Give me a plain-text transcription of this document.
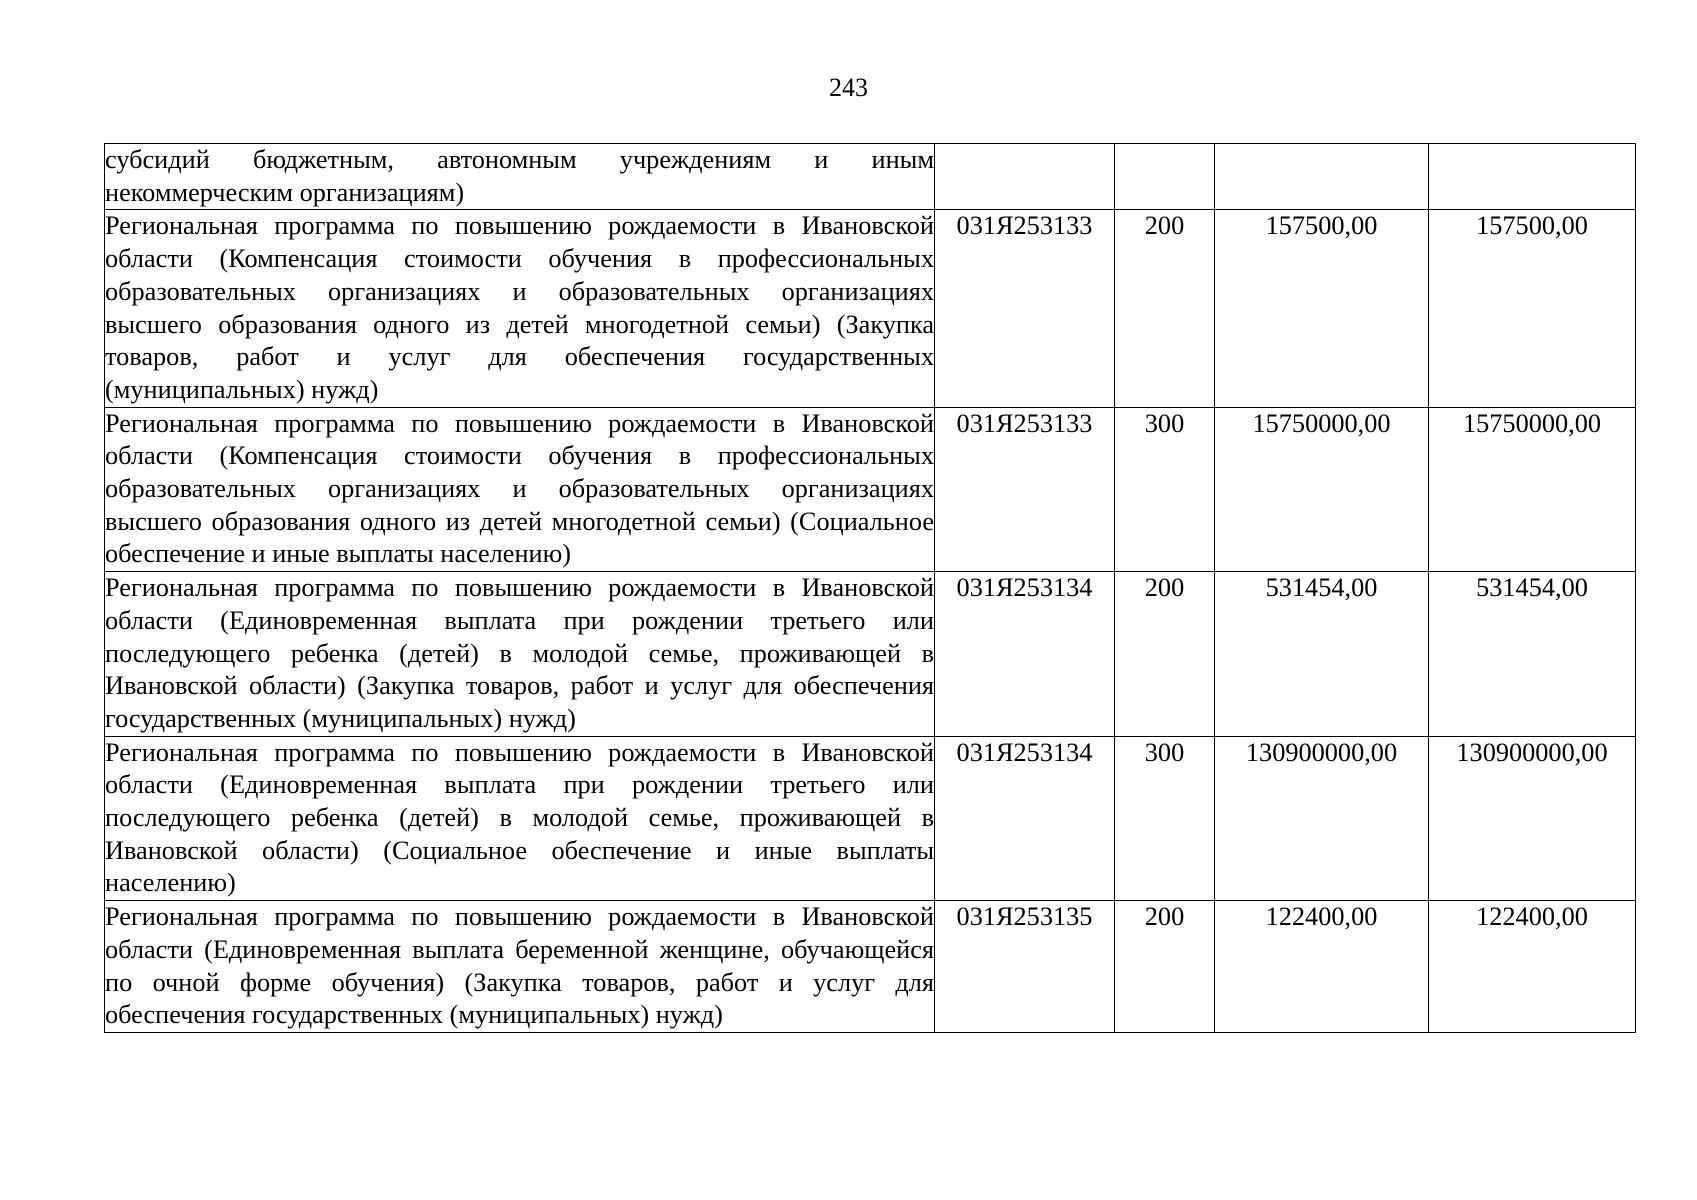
243
субсидий бюджетным, автономным учреждениям и иным некоммерческим организациям)				

Региональная программа по повышению рождаемости в Ивановской области (Компенсация стоимости обучения в профессиональных образовательных организациях и образовательных организациях высшего образования одного из детей многодетной семьи) (Закупка товаров, работ и услуг для обеспечения государственных (муниципальных) нужд)	031Я253133	200	157500,00	157500,00

Региональная программа по повышению рождаемости в Ивановской области (Компенсация стоимости обучения в профессиональных образовательных организациях и образовательных организациях высшего образования одного из детей многодетной семьи) (Социальное обеспечение и иные выплаты населению)	031Я253133	300	15750000,00	15750000,00

Региональная программа по повышению рождаемости в Ивановской области (Единовременная выплата при рождении третьего или последующего ребенка (детей) в молодой семье, проживающей в Ивановской области) (Закупка товаров, работ и услуг для обеспечения государственных (муниципальных) нужд)	031Я253134	200	531454,00	531454,00

Региональная программа по повышению рождаемости в Ивановской области (Единовременная выплата при рождении третьего или последующего ребенка (детей) в молодой семье, проживающей в Ивановской области) (Социальное обеспечение и иные выплаты населению)	031Я253134	300	130900000,00	130900000,00

Региональная программа по повышению рождаемости в Ивановской области (Единовременная выплата беременной женщине, обучающейся по очной форме обучения) (Закупка товаров, работ и услуг для обеспечения государственных (муниципальных) нужд)	031Я253135	200	122400,00	122400,00
